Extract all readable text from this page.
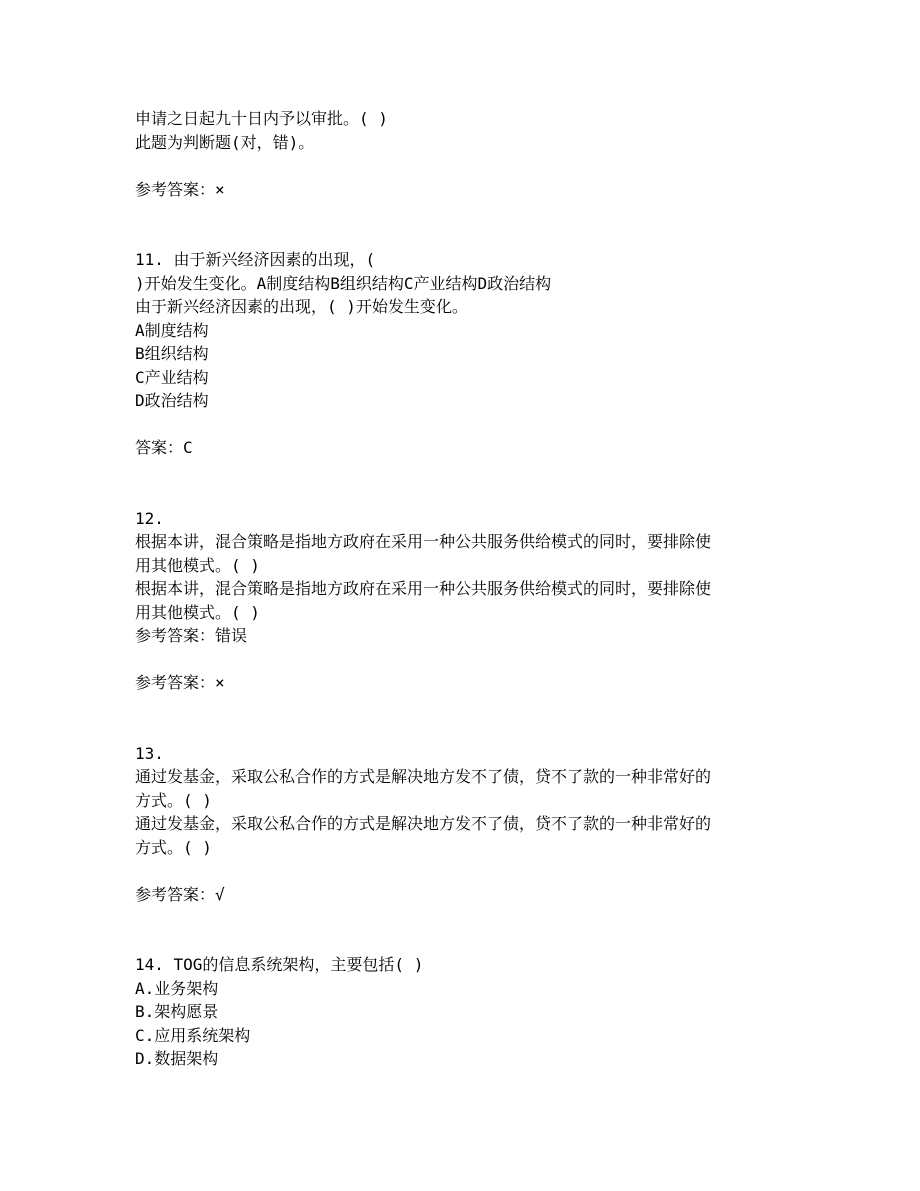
申请之日起九十日内予以审批。( )
此题为判断题(对，错)。
参考答案：×
11. 由于新兴经济因素的出现，(
)开始发生变化。A制度结构B组织结构C产业结构D政治结构
由于新兴经济因素的出现，( )开始发生变化。
A制度结构
B组织结构
C产业结构
D政治结构
答案：C
12.
根据本讲，混合策略是指地方政府在采用一种公共服务供给模式的同时，要排除使
用其他模式。( )
根据本讲，混合策略是指地方政府在采用一种公共服务供给模式的同时，要排除使
用其他模式。( )
参考答案：错误
参考答案：×
13.
通过发基金，采取公私合作的方式是解决地方发不了债，贷不了款的一种非常好的
方式。( )
通过发基金，采取公私合作的方式是解决地方发不了债，贷不了款的一种非常好的
方式。( )
参考答案：√
14. TOG的信息系统架构，主要包括( )
A.业务架构
B.架构愿景
C.应用系统架构
D.数据架构
